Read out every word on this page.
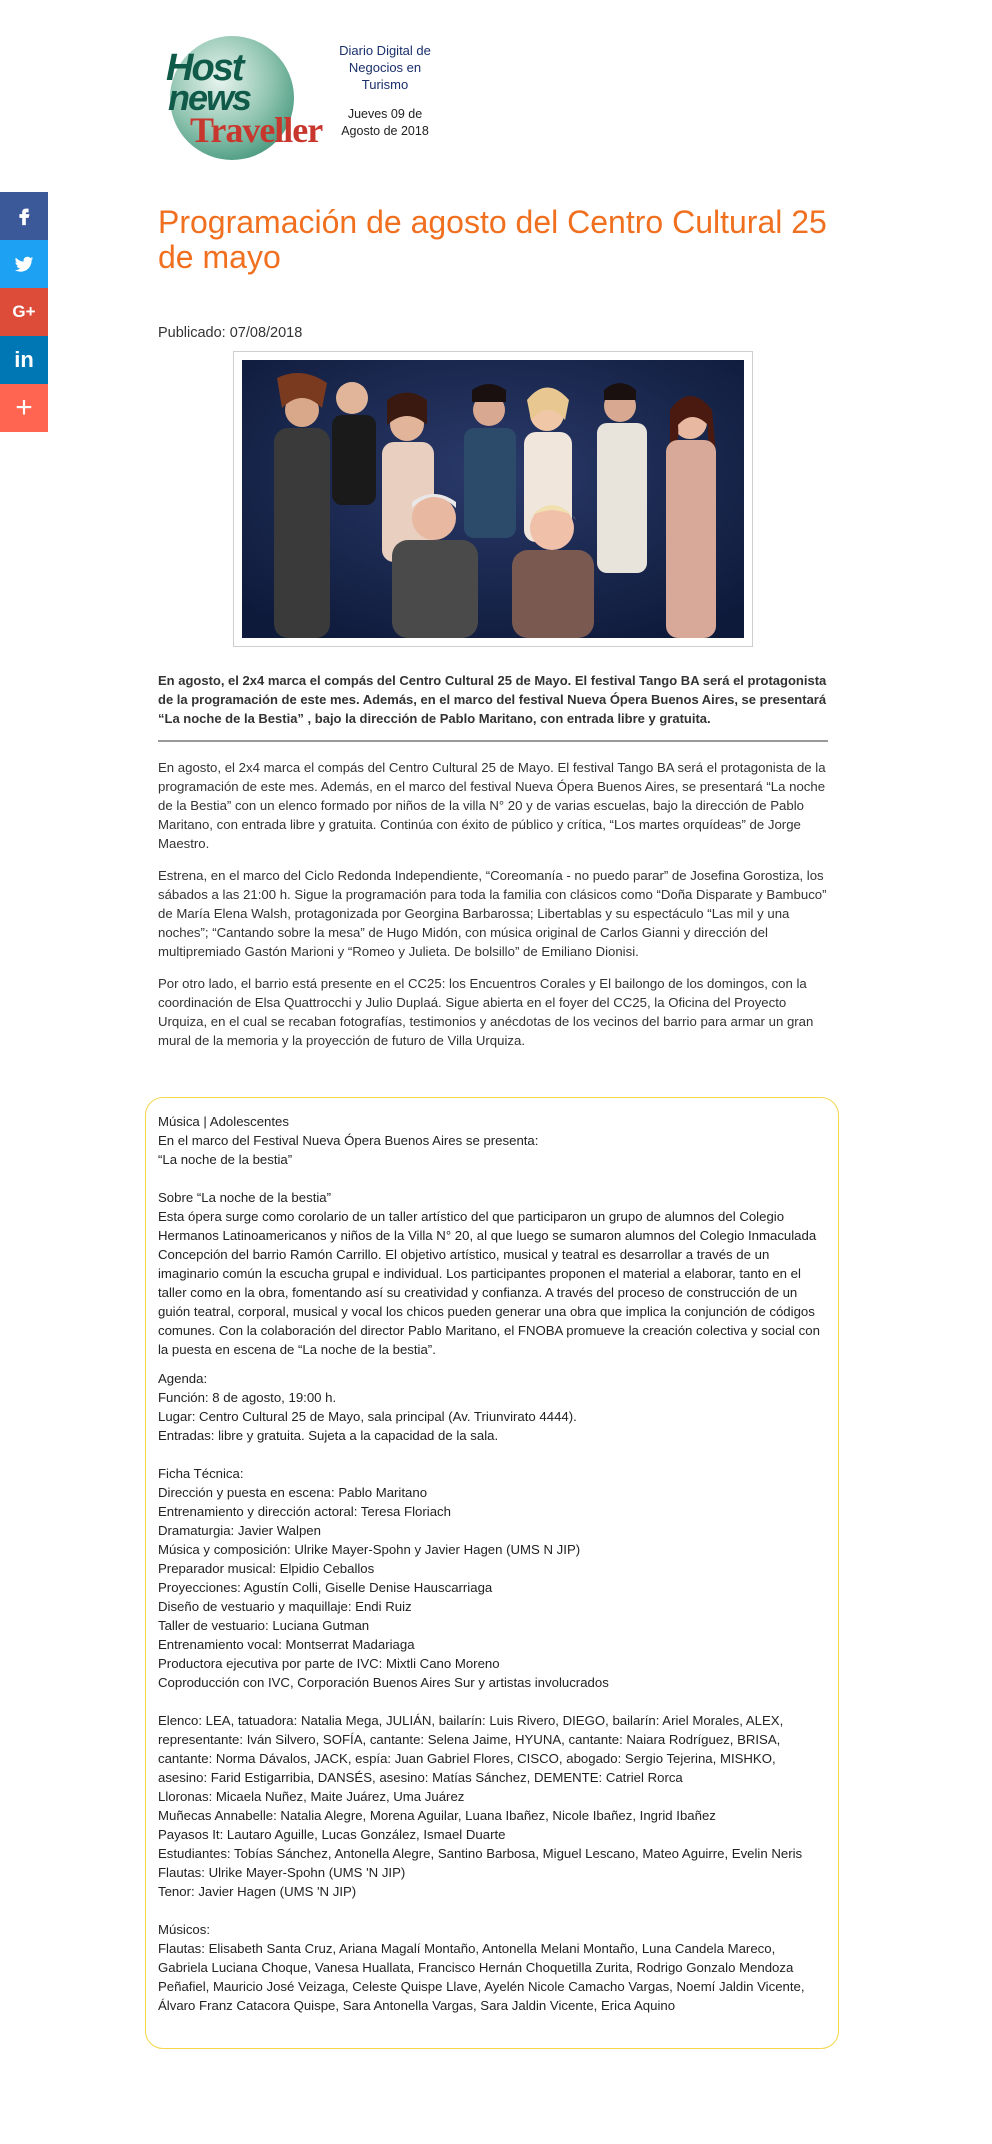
G+
in
+
Host
news
Traveller
Diario Digital de
Negocios en
Turismo
Jueves 09 de
Agosto de 2018
Programación de agosto del Centro Cultural 25 de mayo
Publicado: 07/08/2018

En agosto, el 2x4 marca el compás del Centro Cultural 25 de Mayo. El festival Tango BA será el protagonista de la programación de este mes. Además, en el marco del festival Nueva Ópera Buenos Aires, se presentará “La noche de la Bestia” , bajo la dirección de Pablo Maritano, con entrada libre y gratuita.

En agosto, el 2x4 marca el compás del Centro Cultural 25 de Mayo. El festival Tango BA será el protagonista de la programación de este mes. Además, en el marco del festival Nueva Ópera Buenos Aires, se presentará “La noche de la Bestia” con un elenco formado por niños de la villa N° 20 y de varias escuelas, bajo la dirección de Pablo Maritano, con entrada libre y gratuita. Continúa con éxito de público y crítica, “Los martes orquídeas” de Jorge Maestro.

Estrena, en el marco del Ciclo Redonda Independiente, “Coreomanía - no puedo parar” de Josefina Gorostiza, los sábados a las 21:00 h. Sigue la programación para toda la familia con clásicos como “Doña Disparate y Bambuco” de María Elena Walsh, protagonizada por Georgina Barbarossa; Libertablas y su espectáculo “Las mil y una noches”; “Cantando sobre la mesa” de Hugo Midón, con música original de Carlos Gianni y dirección del multipremiado Gastón Marioni y “Romeo y Julieta. De bolsillo” de Emiliano Dionisi.

Por otro lado, el barrio está presente en el CC25: los Encuentros Corales y El bailongo de los domingos, con la coordinación de Elsa Quattrocchi y Julio Duplaá. Sigue abierta en el foyer del CC25, la Oficina del Proyecto Urquiza, en el cual se recaban fotografías, testimonios y anécdotas de los vecinos del barrio para armar un gran mural de la memoria y la proyección de futuro de Villa Urquiza.

Música | Adolescentes
En el marco del Festival Nueva Ópera Buenos Aires se presenta:
“La noche de la bestia”
Sobre “La noche de la bestia”
Esta ópera surge como corolario de un taller artístico del que participaron un grupo de alumnos del Colegio Hermanos Latinoamericanos y niños de la Villa N° 20, al que luego se sumaron alumnos del Colegio Inmaculada Concepción del barrio Ramón Carrillo. El objetivo artístico, musical y teatral es desarrollar a través de un imaginario común la escucha grupal e individual. Los participantes proponen el material a elaborar, tanto en el taller como en la obra, fomentando así su creatividad y confianza. A través del proceso de construcción de un guión teatral, corporal, musical y vocal los chicos pueden generar una obra que implica la conjunción de códigos comunes. Con la colaboración del director Pablo Maritano, el FNOBA promueve la creación colectiva y social con la puesta en escena de “La noche de la bestia”.
Agenda:
Función: 8 de agosto, 19:00 h.
Lugar: Centro Cultural 25 de Mayo, sala principal (Av. Triunvirato 4444).
Entradas: libre y gratuita. Sujeta a la capacidad de la sala.
Ficha Técnica:
Dirección y puesta en escena: Pablo Maritano
Entrenamiento y dirección actoral: Teresa Floriach
Dramaturgia: Javier Walpen
Música y composición: Ulrike Mayer-Spohn y Javier Hagen (UMS N JIP)
Preparador musical: Elpidio Ceballos
Proyecciones: Agustín Colli, Giselle Denise Hauscarriaga
Diseño de vestuario y maquillaje: Endi Ruiz
Taller de vestuario: Luciana Gutman
Entrenamiento vocal: Montserrat Madariaga
Productora ejecutiva por parte de IVC: Mixtli Cano Moreno
Coproducción con IVC, Corporación Buenos Aires Sur y artistas involucrados
Elenco: LEA, tatuadora: Natalia Mega, JULIÁN, bailarín: Luis Rivero, DIEGO, bailarín: Ariel Morales, ALEX, representante: Iván Silvero, SOFÍA, cantante: Selena Jaime, HYUNA, cantante: Naiara Rodríguez, BRISA, cantante: Norma Dávalos, JACK, espía: Juan Gabriel Flores, CISCO, abogado: Sergio Tejerina, MISHKO, asesino: Farid Estigarribia, DANSÉS, asesino: Matías Sánchez, DEMENTE: Catriel Rorca
Lloronas: Micaela Nuñez, Maite Juárez, Uma Juárez
Muñecas Annabelle: Natalia Alegre, Morena Aguilar, Luana Ibañez, Nicole Ibañez, Ingrid Ibañez
Payasos It: Lautaro Aguille, Lucas González, Ismael Duarte
Estudiantes: Tobías Sánchez, Antonella Alegre, Santino Barbosa, Miguel Lescano, Mateo Aguirre, Evelin Neris
Flautas: Ulrike Mayer-Spohn (UMS 'N JIP)
Tenor: Javier Hagen (UMS 'N JIP)
Músicos:
Flautas: Elisabeth Santa Cruz, Ariana Magalí Montaño, Antonella Melani Montaño, Luna Candela Mareco, Gabriela Luciana Choque, Vanesa Huallata, Francisco Hernán Choquetilla Zurita, Rodrigo Gonzalo Mendoza Peñafiel, Mauricio José Veizaga, Celeste Quispe Llave, Ayelén Nicole Camacho Vargas, Noemí Jaldin Vicente, Álvaro Franz Catacora Quispe, Sara Antonella Vargas, Sara Jaldin Vicente, Erica Aquino
